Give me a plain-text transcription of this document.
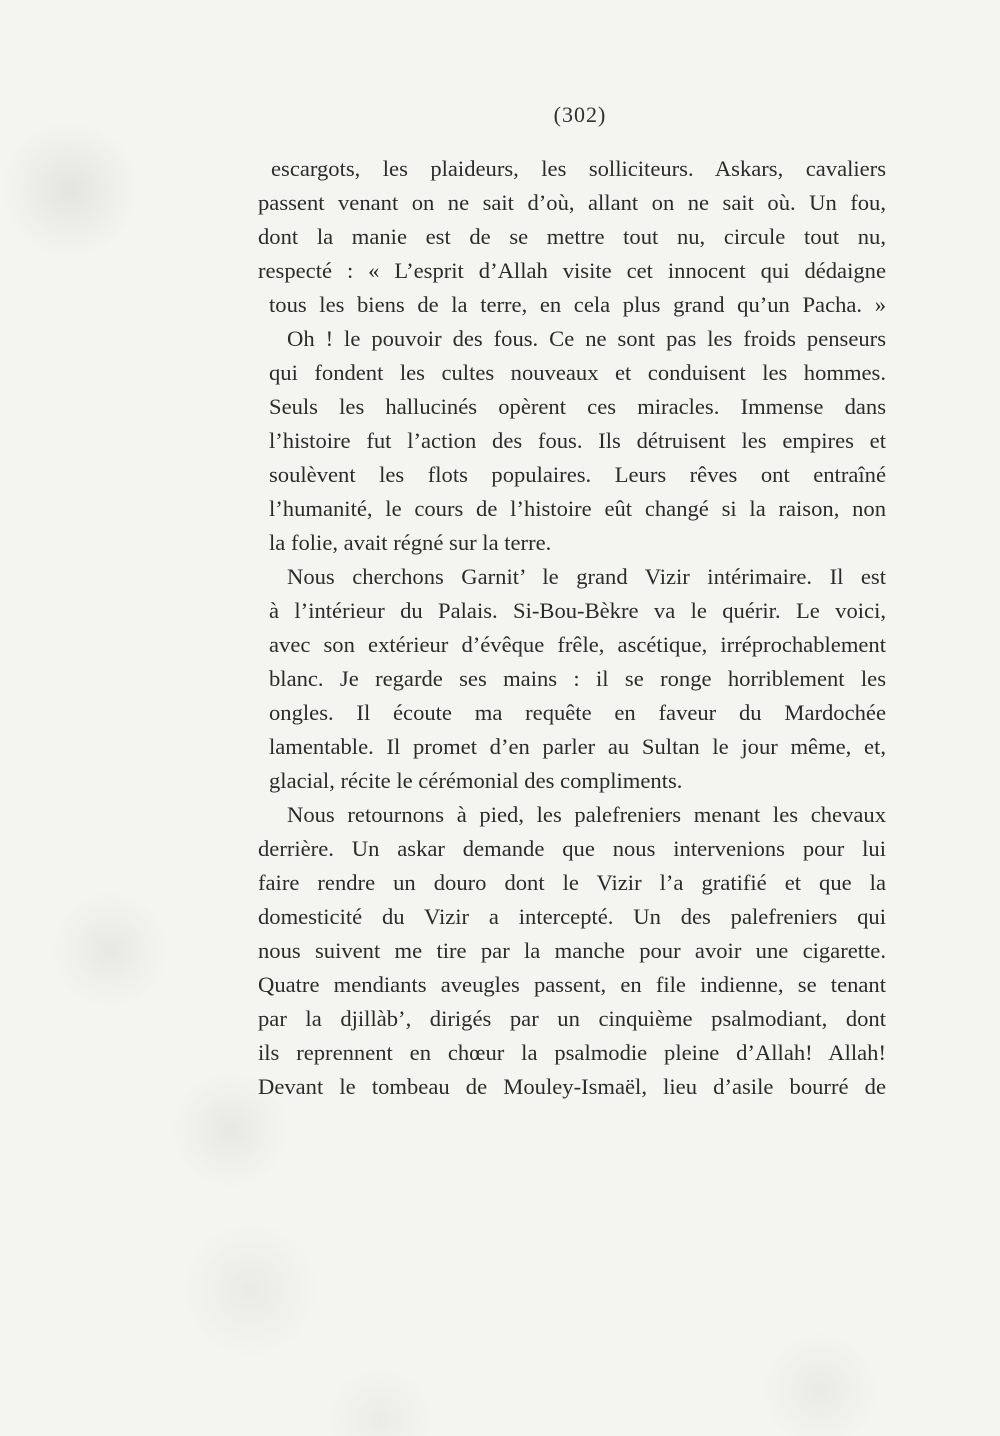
(302)
escargots, les plaideurs, les solliciteurs. Askars, cavaliers
passent venant on ne sait d’où, allant on ne sait où. Un fou,
dont la manie est de se mettre tout nu, circule tout nu,
respecté : « L’esprit d’Allah visite cet innocent qui dédaigne
tous les biens de la terre, en cela plus grand qu’un Pacha. »
Oh ! le pouvoir des fous. Ce ne sont pas les froids penseurs
qui fondent les cultes nouveaux et conduisent les hommes.
Seuls les hallucinés opèrent ces miracles. Immense dans
l’histoire fut l’action des fous. Ils détruisent les empires et
soulèvent les flots populaires. Leurs rêves ont entraîné
l’humanité, le cours de l’histoire eût changé si la raison, non
la folie, avait régné sur la terre.
Nous cherchons Garnit’ le grand Vizir intérimaire. Il est
à l’intérieur du Palais. Si-Bou-Bèkre va le quérir. Le voici,
avec son extérieur d’évêque frêle, ascétique, irréprochablement
blanc. Je regarde ses mains : il se ronge horriblement les
ongles. Il écoute ma requête en faveur du Mardochée
lamentable. Il promet d’en parler au Sultan le jour même, et,
glacial, récite le cérémonial des compliments.
Nous retournons à pied, les palefreniers menant les chevaux
derrière. Un askar demande que nous intervenions pour lui
faire rendre un douro dont le Vizir l’a gratifié et que la
domesticité du Vizir a intercepté. Un des palefreniers qui
nous suivent me tire par la manche pour avoir une cigarette.
Quatre mendiants aveugles passent, en file indienne, se tenant
par la djillàb’, dirigés par un cinquième psalmodiant, dont
ils reprennent en chœur la psalmodie pleine d’Allah! Allah!
Devant le tombeau de Mouley-Ismaël, lieu d’asile bourré de
